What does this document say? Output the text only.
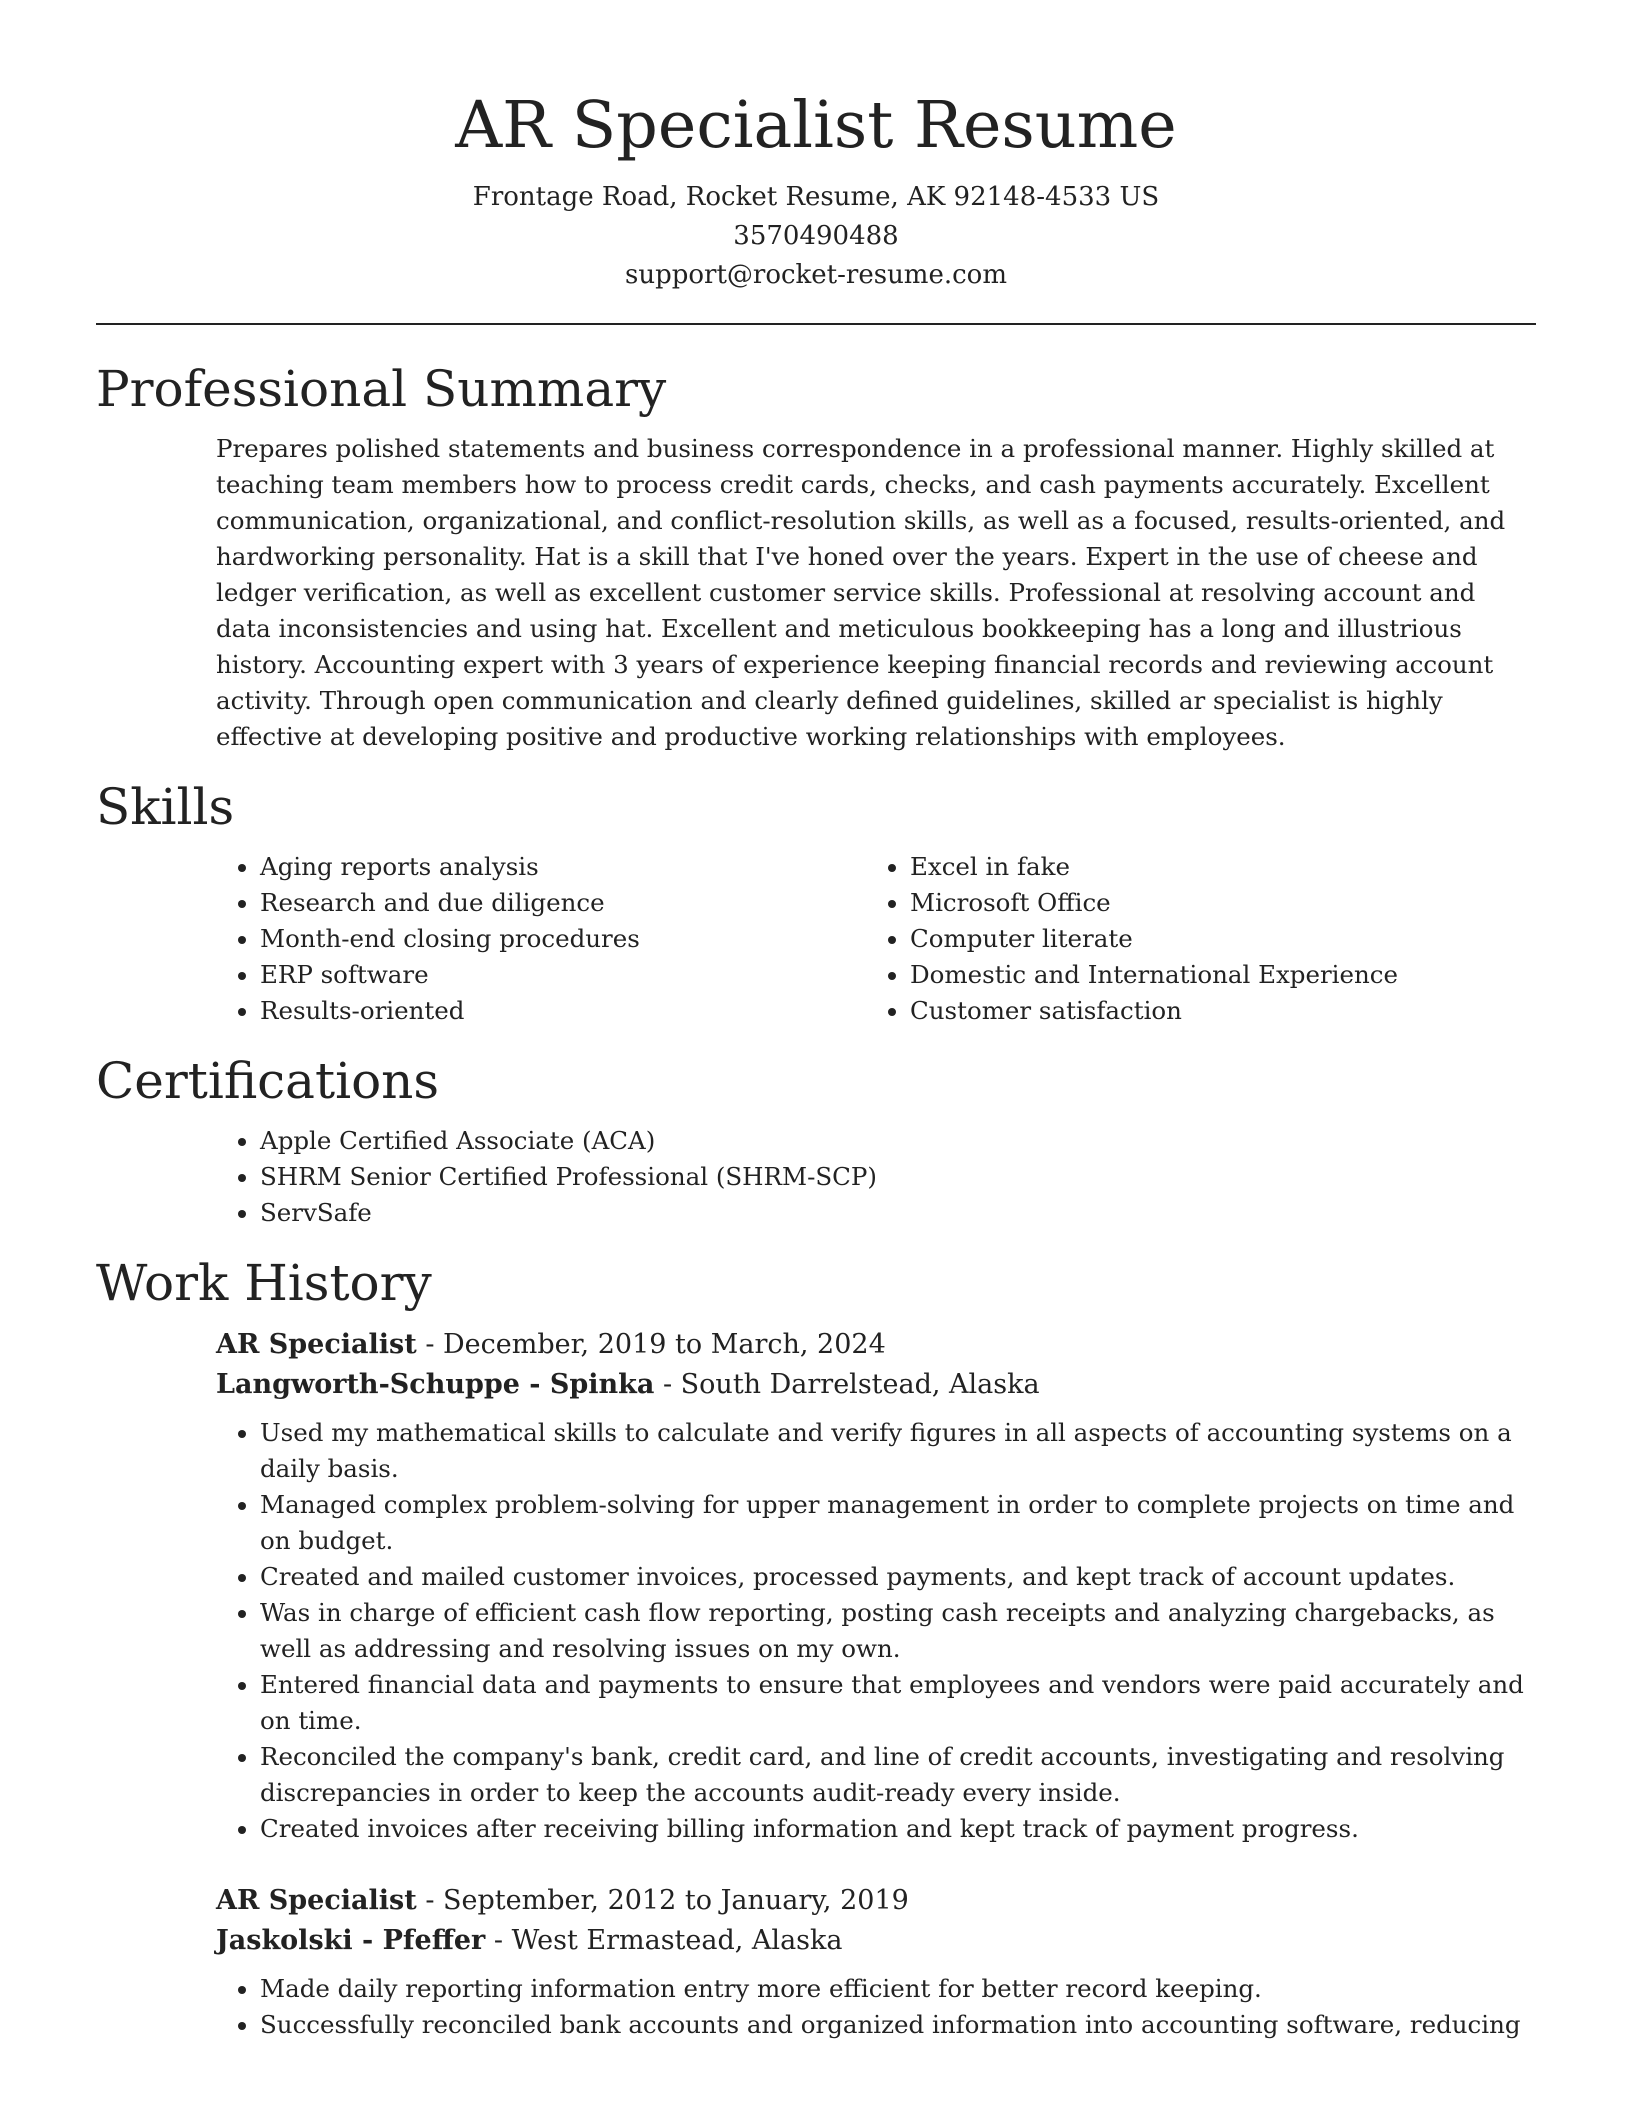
AR Specialist Resume
Frontage Road, Rocket Resume, AK 92148-4533 US
3570490488
support@rocket-resume.com
Professional Summary
Prepares polished statements and business correspondence in a professional manner. Highly skilled at teaching team members how to process credit cards, checks, and cash payments accurately. Excellent communication, organizational, and conflict-resolution skills, as well as a focused, results-oriented, and hardworking personality. Hat is a skill that I've honed over the years. Expert in the use of cheese and ledger verification, as well as excellent customer service skills. Professional at resolving account and data inconsistencies and using hat. Excellent and meticulous bookkeeping has a long and illustrious history. Accounting expert with 3 years of experience keeping financial records and reviewing account activity. Through open communication and clearly defined guidelines, skilled ar specialist is highly effective at developing positive and productive working relationships with employees.
Skills
• Aging reports analysis
• Research and due diligence
• Month-end closing procedures
• ERP software
• Results-oriented
• Excel in fake
• Microsoft Office
• Computer literate
• Domestic and International Experience
• Customer satisfaction
Certifications
• Apple Certified Associate (ACA)
• SHRM Senior Certified Professional (SHRM-SCP)
• ServSafe
Work History
AR Specialist - December, 2019 to March, 2024
Langworth-Schuppe - Spinka - South Darrelstead, Alaska
• Used my mathematical skills to calculate and verify figures in all aspects of accounting systems on a daily basis.
• Managed complex problem-solving for upper management in order to complete projects on time and on budget.
• Created and mailed customer invoices, processed payments, and kept track of account updates.
• Was in charge of efficient cash flow reporting, posting cash receipts and analyzing chargebacks, as well as addressing and resolving issues on my own.
• Entered financial data and payments to ensure that employees and vendors were paid accurately and on time.
• Reconciled the company's bank, credit card, and line of credit accounts, investigating and resolving discrepancies in order to keep the accounts audit-ready every inside.
• Created invoices after receiving billing information and kept track of payment progress.
AR Specialist - September, 2012 to January, 2019
Jaskolski - Pfeffer - West Ermastead, Alaska
• Made daily reporting information entry more efficient for better record keeping.
• Successfully reconciled bank accounts and organized information into accounting software, reducing
